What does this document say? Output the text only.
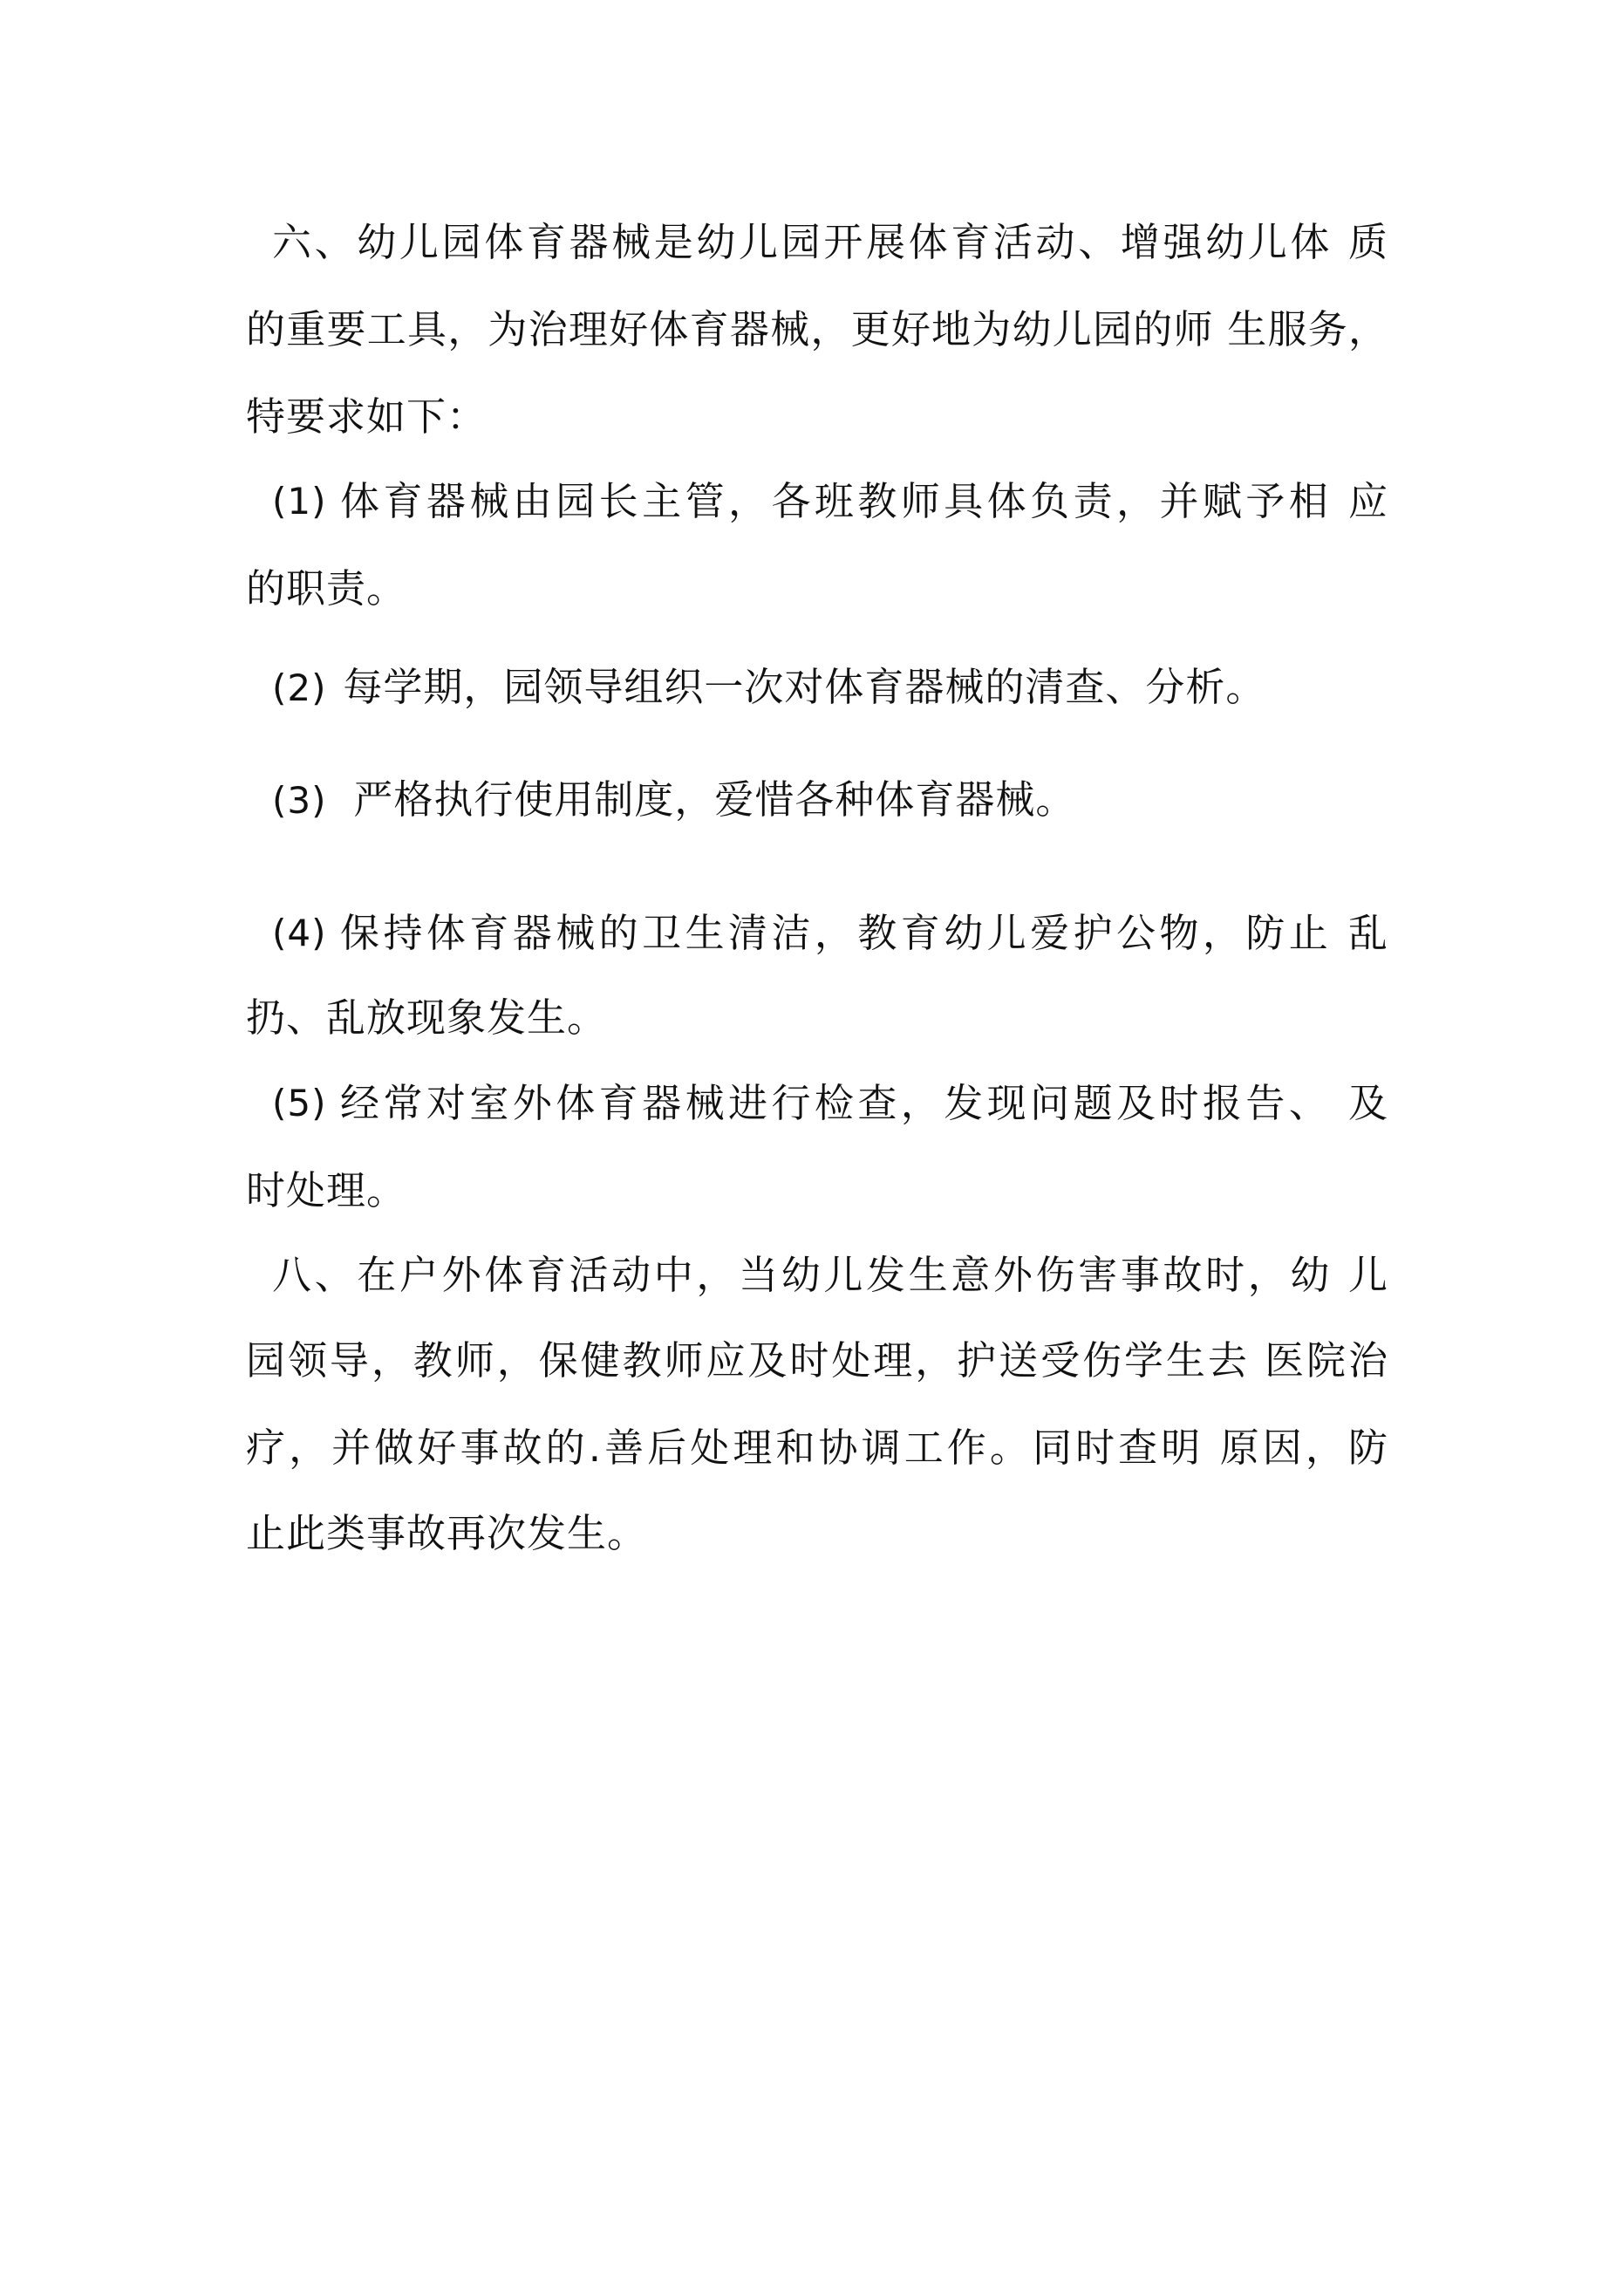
六、幼儿园体育器械是幼儿园开展体育活动、增强幼儿体 质
的重要工具，为治理好体育器械，更好地为幼儿园的师 生服务，
特要求如下：
(1) 体育器械由园长主管，各班教师具体负责，并赋予相 应
的职责。
(2) 每学期，园领导组织一次对体育器械的清查、分析。
(3) 严格执行使用制度，爱惜各种体育器械。
(4) 保持体育器械的卫生清洁，教育幼儿爱护公物，防止 乱
扔、乱放现象发生。
(5) 经常对室外体育器械进行检查，发现问题及时报告、 及
时处理。
八、在户外体育活动中，当幼儿发生意外伤害事故时，幼 儿
园领导，教师，保健教师应及时处理，护送受伤学生去 医院治
疗，并做好事故的.善后处理和协调工作。同时查明 原因，防
止此类事故再次发生。
